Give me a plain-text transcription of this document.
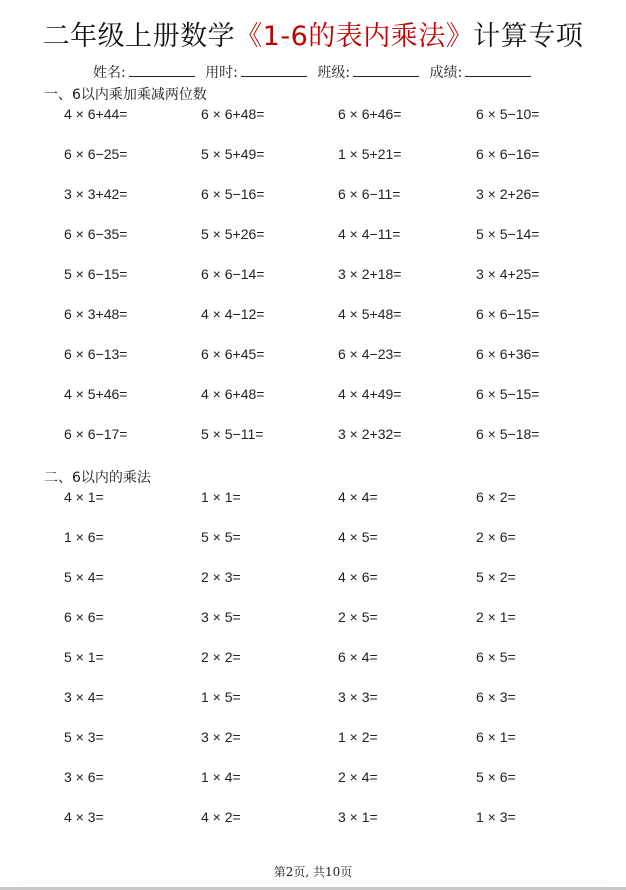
二年级上册数学《1-6的表内乘法》计算专项
姓名:	用时:	班级:	成绩:
一、6以内乘加乘减两位数
4 × 6+44=	6 × 6+48=	6 × 6+46=	6 × 5−10=
6 × 6−25=	5 × 5+49=	1 × 5+21=	6 × 6−16=
3 × 3+42=	6 × 5−16=	6 × 6−11=	3 × 2+26=
6 × 6−35=	5 × 5+26=	4 × 4−11=	5 × 5−14=
5 × 6−15=	6 × 6−14=	3 × 2+18=	3 × 4+25=
6 × 3+48=	4 × 4−12=	4 × 5+48=	6 × 6−15=
6 × 6−13=	6 × 6+45=	6 × 4−23=	6 × 6+36=
4 × 5+46=	4 × 6+48=	4 × 4+49=	6 × 5−15=
6 × 6−17=	5 × 5−11=	3 × 2+32=	6 × 5−18=
二、6以内的乘法
4 × 1=	1 × 1=	4 × 4=	6 × 2=
1 × 6=	5 × 5=	4 × 5=	2 × 6=
5 × 4=	2 × 3=	4 × 6=	5 × 2=
6 × 6=	3 × 5=	2 × 5=	2 × 1=
5 × 1=	2 × 2=	6 × 4=	6 × 5=
3 × 4=	1 × 5=	3 × 3=	6 × 3=
5 × 3=	3 × 2=	1 × 2=	6 × 1=
3 × 6=	1 × 4=	2 × 4=	5 × 6=
4 × 3=	4 × 2=	3 × 1=	1 × 3=
第2页, 共10页
